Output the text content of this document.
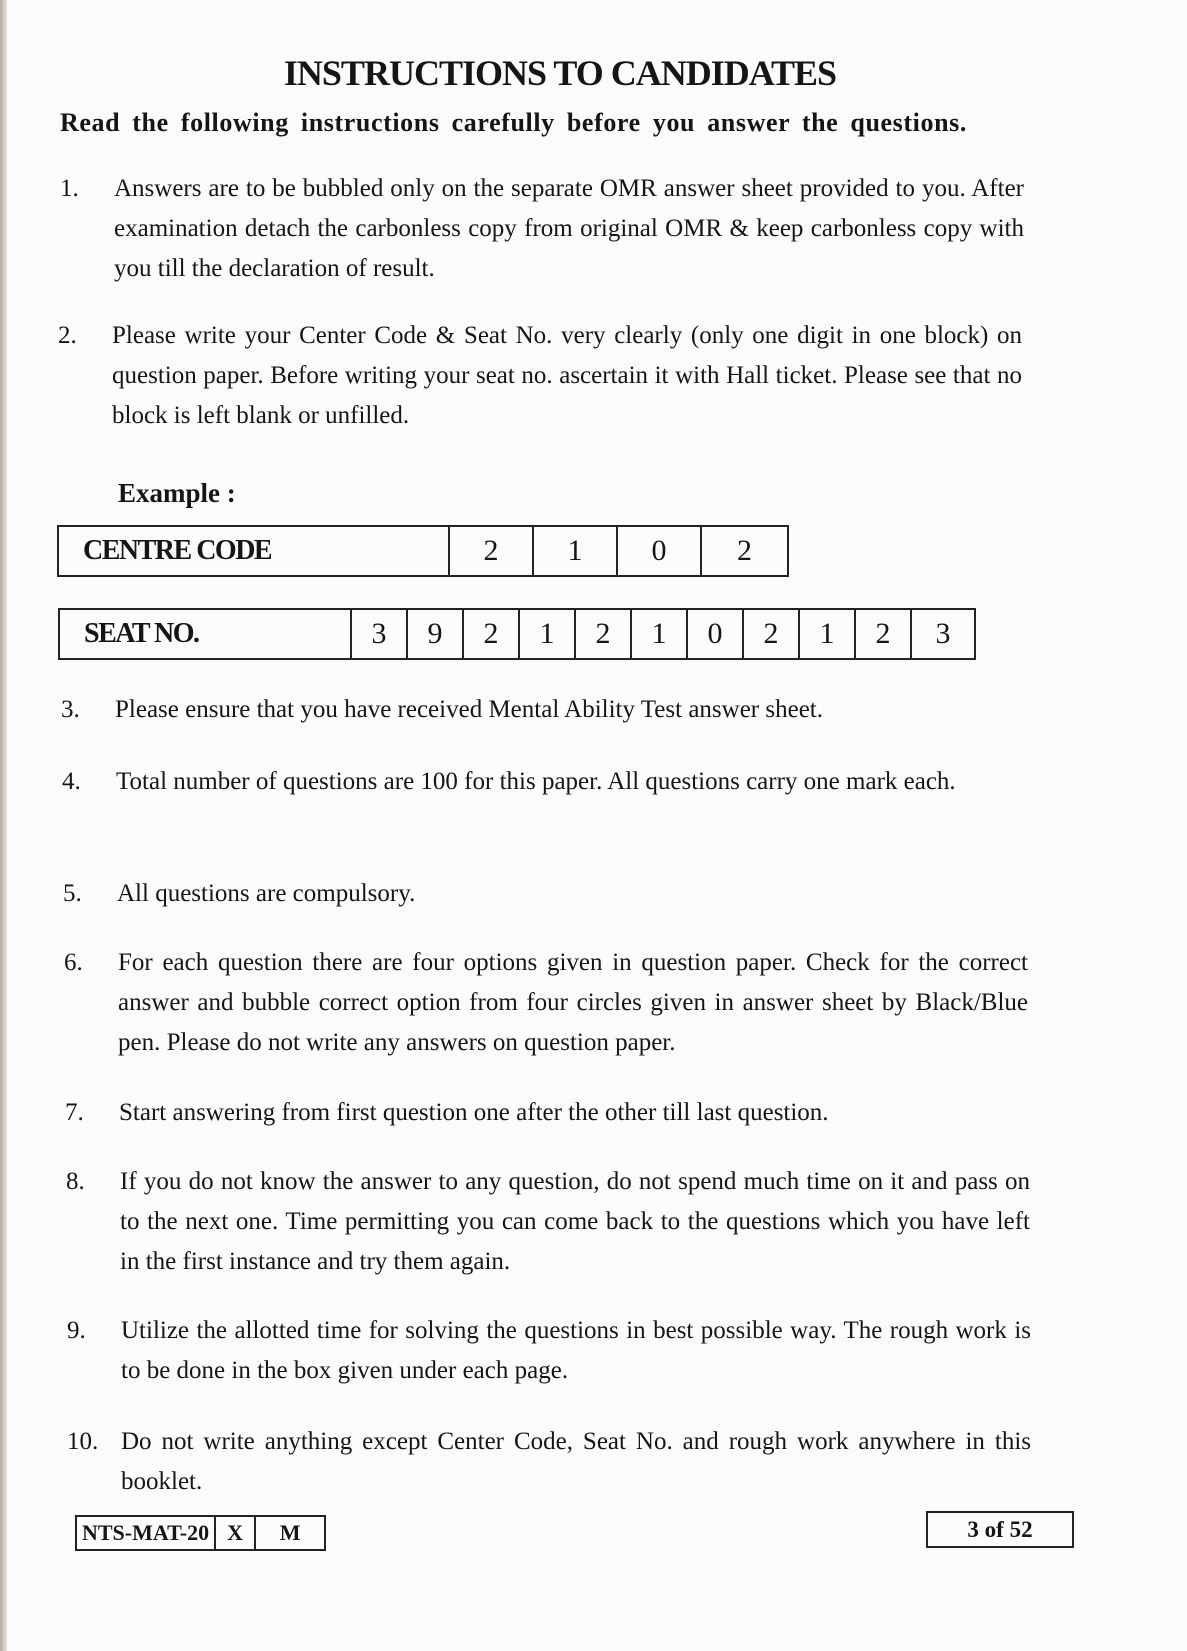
INSTRUCTIONS TO CANDIDATES
Read the following instructions carefully before you answer the questions.
1. Answers are to be bubbled only on the separate OMR answer sheet provided to you. After examination detach the carbonless copy from original OMR & keep carbonless copy with you till the declaration of result.
2. Please write your Center Code & Seat No. very clearly (only one digit in one block) on question paper. Before writing your seat no. ascertain it with Hall ticket. Please see that no block is left blank or unfilled.
Example :
CENTRE CODE	2	1	0	2
SEAT NO.	3	9	2	1	2	1	0	2	1	2	3
3. Please ensure that you have received Mental Ability Test answer sheet.
4. Total number of questions are 100 for this paper. All questions carry one mark each.
5. All questions are compulsory.
6. For each question there are four options given in question paper. Check for the correct answer and bubble correct option from four circles given in answer sheet by Black/Blue pen. Please do not write any answers on question paper.
7. Start answering from first question one after the other till last question.
8. If you do not know the answer to any question, do not spend much time on it and pass on to the next one. Time permitting you can come back to the questions which you have left in the first instance and try them again.
9. Utilize the allotted time for solving the questions in best possible way. The rough work is to be done in the box given under each page.
10. Do not write anything except Center Code, Seat No. and rough work anywhere in this booklet.
NTS-MAT-20 X	M	3 of 52
